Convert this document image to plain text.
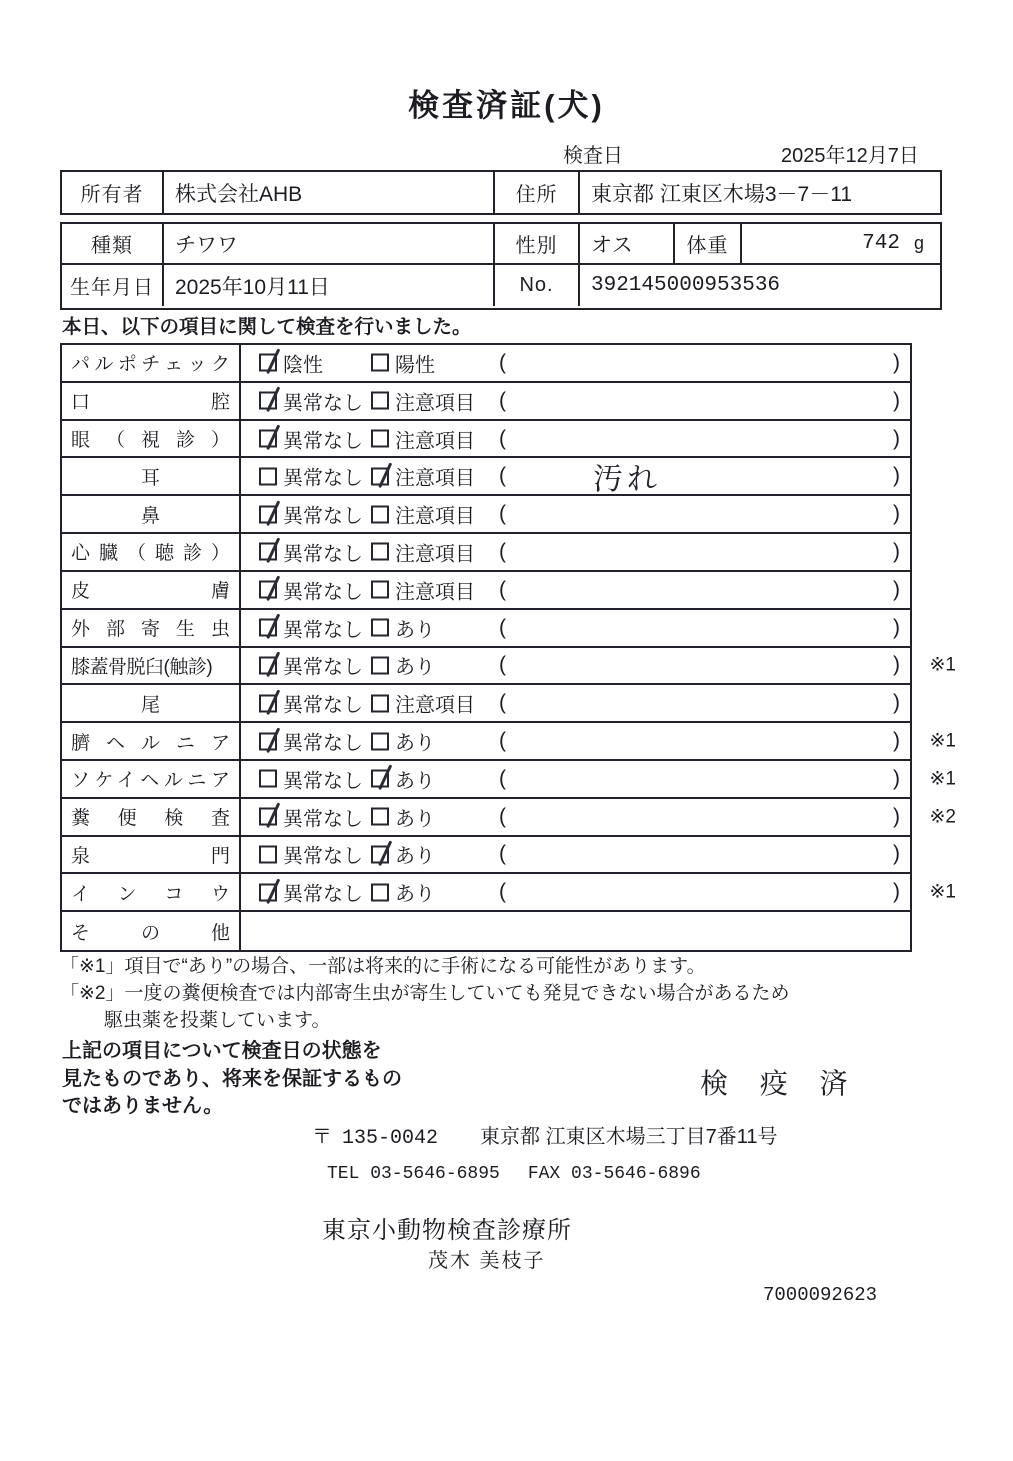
検査済証(犬)
検査日	2025年12月7日
所有者	株式会社AHB	住所	東京都 江東区木場3－7－11
種類	チワワ	性別	オス	体重	742 g
生年月日	2025年10月11日	No.	392145000953536
本日、以下の項目に関して検査を行いました。
パルポチェック	陰性	陽性	(	)
口腔	異常なし 注意項目 (	)
眼（視診）	異常なし 注意項目 (	)
耳	異常なし 注意項目 (	汚れ	)
鼻	異常なし 注意項目 (	)
心臓（聴診）	異常なし 注意項目 (	)
皮膚	異常なし 注意項目 (	)
外部寄生虫	異常なし あり	(	)
膝蓋骨脱臼(触診)	異常なし あり	(	) ※1
尾	異常なし 注意項目 (	)
臍ヘルニア	異常なし あり	(	) ※1
ソケイヘルニア	異常なし あり	(	) ※1
糞便検査	異常なし あり	(	) ※2
泉門	異常なし あり	(	)
インコウ	異常なし あり	(	) ※1
その他
「※1」項目で“あり”の場合、一部は将来的に手術になる可能性があります。
「※2」一度の糞便検査では内部寄生虫が寄生していても発見できない場合があるため
駆虫薬を投薬しています。
上記の項目について検査日の状態を
見たものであり、将来を保証するもの
ではありません。
検 疫 済
〒 135-0042 東京都 江東区木場三丁目7番11号
TEL 03-5646-6895 FAX 03-5646-6896
東京小動物検査診療所
茂木 美枝子
7000092623
